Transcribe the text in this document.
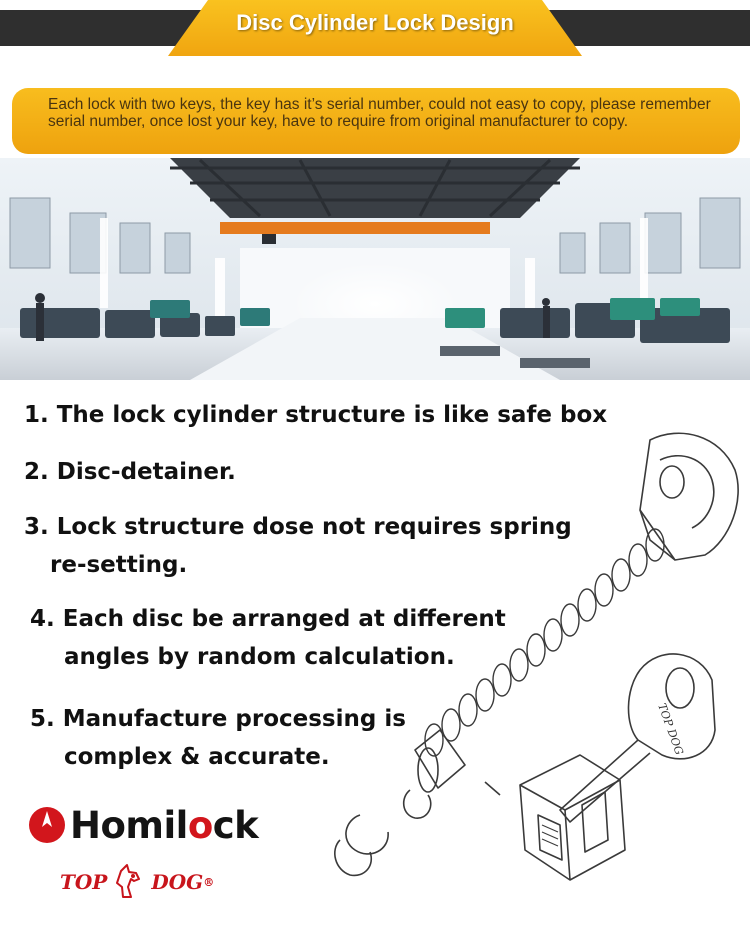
Disc Cylinder Lock Design
Each lock with two keys, the key has it’s serial number, could not easy to copy, please remember serial number, once lost your key, have to require from original manufacturer to copy.
TOP DOG
1. The lock cylinder structure is like safe box
2. Disc-detainer.
3. Lock structure dose not requires spring
re-setting.
4. Each disc be arranged at different
angles by random calculation.
5. Manufacture processing is
complex & accurate.
Homilock
TOP DOG ®
